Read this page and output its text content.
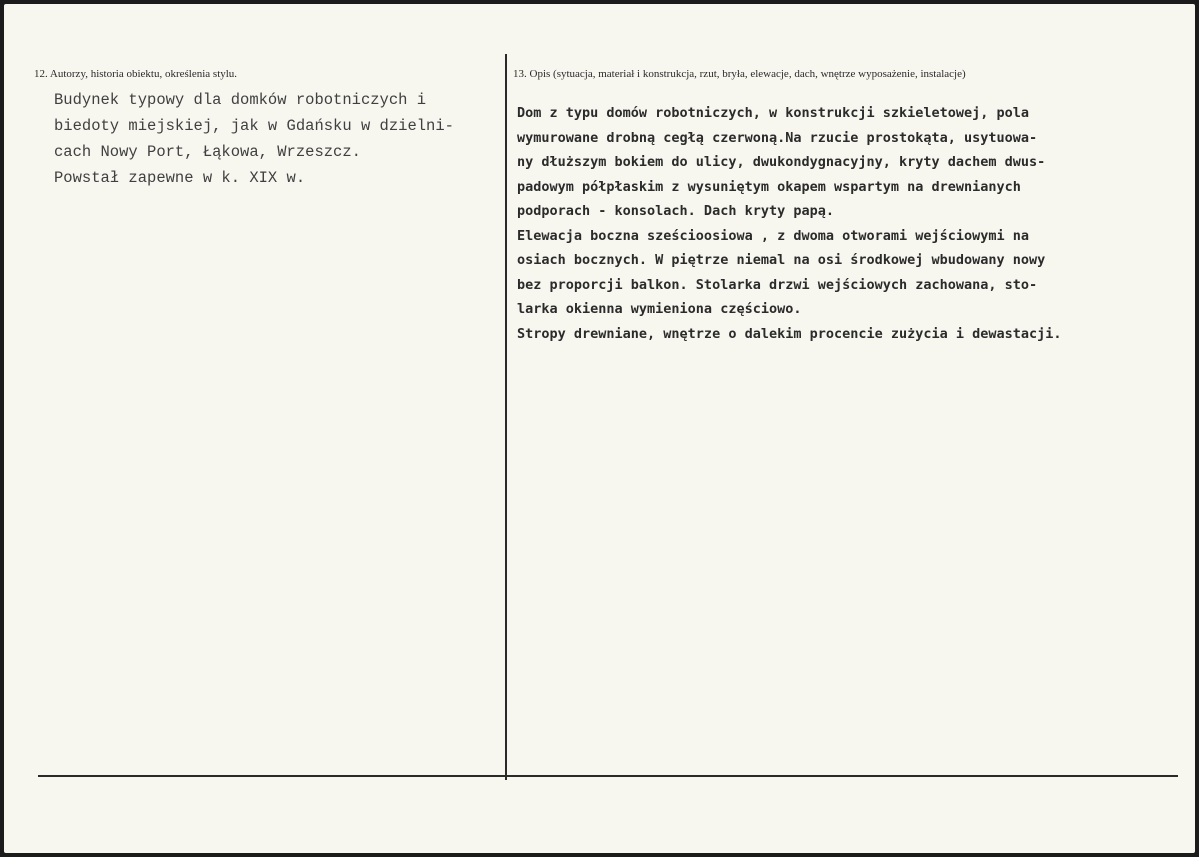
12. Autorzy, historia obiektu, określenia stylu.
Budynek typowy dla domków robotniczych i
biedoty miejskiej, jak w Gdańsku w dzielni-
cach Nowy Port, Łąkowa, Wrzeszcz.
Powstał zapewne w k. XIX w.
13. Opis (sytuacja, materiał i konstrukcja, rzut, bryła, elewacje, dach, wnętrze wyposażenie, instalacje)
Dom z typu domów robotniczych, w konstrukcji szkieletowej, pola
wymurowane drobną cegłą czerwoną.Na rzucie prostokąta, usytuowa-
ny dłuższym bokiem do ulicy, dwukondygnacyjny, kryty dachem dwus-
padowym półpłaskim z wysuniętym okapem wspartym na drewnianych
podporach - konsolach. Dach kryty papą.
Elewacja boczna sześcioosiowa , z dwoma otworami wejściowymi na
osiach bocznych. W piętrze niemal na osi środkowej wbudowany nowy
bez proporcji balkon. Stolarka drzwi wejściowych zachowana, sto-
larka okienna wymieniona częściowo.
Stropy drewniane, wnętrze o dalekim procencie zużycia i dewastacji.
